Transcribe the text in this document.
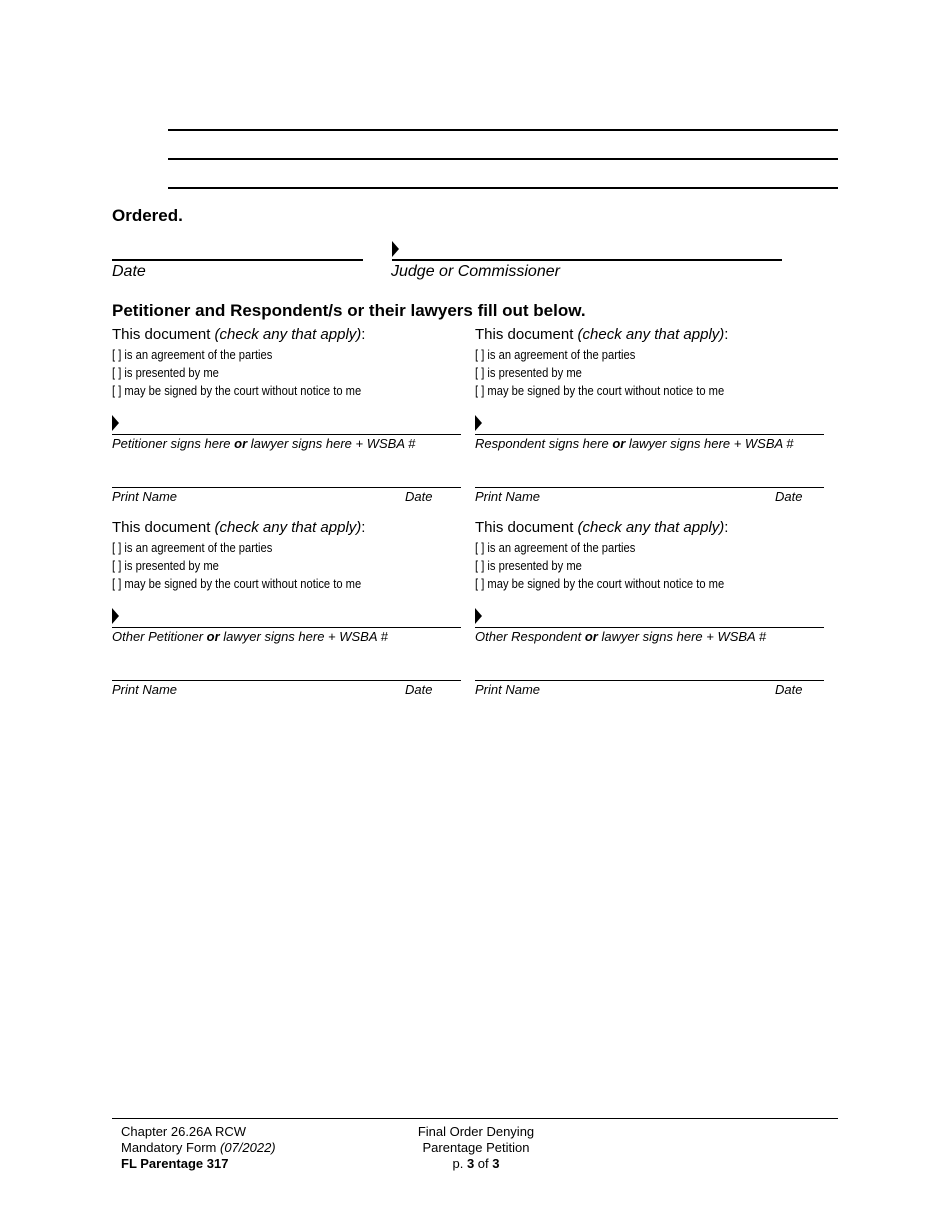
Ordered.
Date	Judge or Commissioner
Petitioner and Respondent/s or their lawyers fill out below.
This document (check any that apply):
[ ] is an agreement of the parties
[ ] is presented by me
[ ] may be signed by the court without notice to me
Petitioner signs here or lawyer signs here + WSBA #
Print Name	Date
This document (check any that apply):
[ ] is an agreement of the parties
[ ] is presented by me
[ ] may be signed by the court without notice to me
Respondent signs here or lawyer signs here + WSBA #
Print Name	Date
This document (check any that apply):
[ ] is an agreement of the parties
[ ] is presented by me
[ ] may be signed by the court without notice to me
Other Petitioner or lawyer signs here + WSBA #
Print Name	Date
This document (check any that apply):
[ ] is an agreement of the parties
[ ] is presented by me
[ ] may be signed by the court without notice to me
Other Respondent or lawyer signs here + WSBA #
Print Name	Date
Chapter 26.26A RCW
Mandatory Form (07/2022)
FL Parentage 317
Final Order Denying
Parentage Petition
p. 3 of 3
